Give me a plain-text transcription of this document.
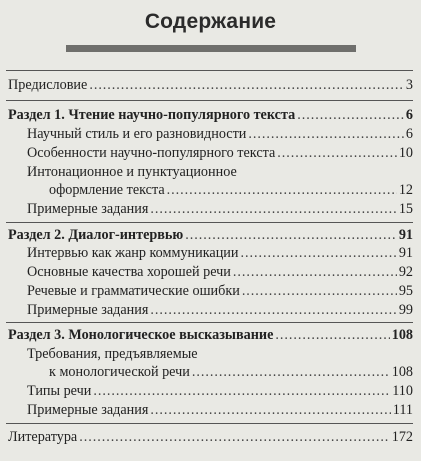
Содержание
Предисловие . . .	3
Раздел 1. Чтение научно-популярного текста . . .	6
Научный стиль и его разновидности . . .	6
Особенности научно-популярного текста . . .	10
Интонационное и пунктуационное
оформление текста . . .	12
Примерные задания . . .	15
Раздел 2. Диалог-интервью . . .	91
Интервью как жанр коммуникации . . .	91
Основные качества хорошей речи . . .	92
Речевые и грамматические ошибки . . .	95
Примерные задания . . .	99
Раздел 3. Монологическое высказывание . . .	108
Требования, предъявляемые
к монологической речи . . .	108
Типы речи . . .	110
Примерные задания . . .	111
Литература . . .	172
